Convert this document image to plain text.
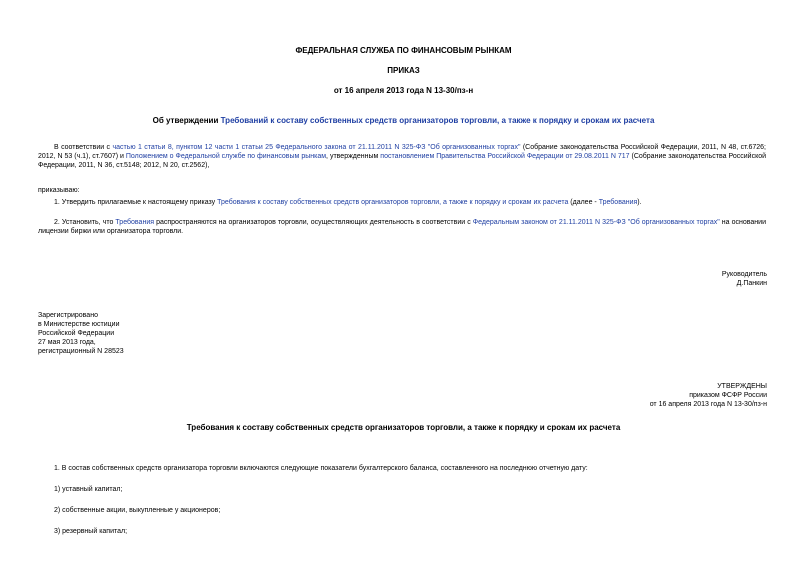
ФЕДЕРАЛЬНАЯ СЛУЖБА ПО ФИНАНСОВЫМ РЫНКАМ
ПРИКАЗ
от 16 апреля 2013 года N 13-30/пз-н
Об утверждении Требований к составу собственных средств организаторов торговли, а также к порядку и срокам их расчета
В соответствии с частью 1 статьи 8, пунктом 12 части 1 статьи 25 Федерального закона от 21.11.2011 N 325-ФЗ "Об организованных торгах" (Собрание законодательства Российской Федерации, 2011, N 48, ст.6726; 2012, N 53 (ч.1), ст.7607) и Положением о Федеральной службе по финансовым рынкам, утвержденным постановлением Правительства Российской Федерации от 29.08.2011 N 717 (Собрание законодательства Российской Федерации, 2011, N 36, ст.5148; 2012, N 20, ст.2562),
приказываю:
1. Утвердить прилагаемые к настоящему приказу Требования к составу собственных средств организаторов торговли, а также к порядку и срокам их расчета (далее - Требования).
2. Установить, что Требования распространяются на организаторов торговли, осуществляющих деятельность в соответствии с Федеральным законом от 21.11.2011 N 325-ФЗ "Об организованных торгах" на основании лицензии биржи или организатора торговли.
Руководитель
Д.Панкин
Зарегистрировано
в Министерстве юстиции
Российской Федерации
27 мая 2013 года,
регистрационный N 28523
УТВЕРЖДЕНЫ
приказом ФСФР России
от 16 апреля 2013 года N 13-30/пз-н
Требования к составу собственных средств организаторов торговли, а также к порядку и срокам их расчета
1. В состав собственных средств организатора торговли включаются следующие показатели бухгалтерского баланса, составленного на последнюю отчетную дату:
1) уставный капитал;
2) собственные акции, выкупленные у акционеров;
3) резервный капитал;
